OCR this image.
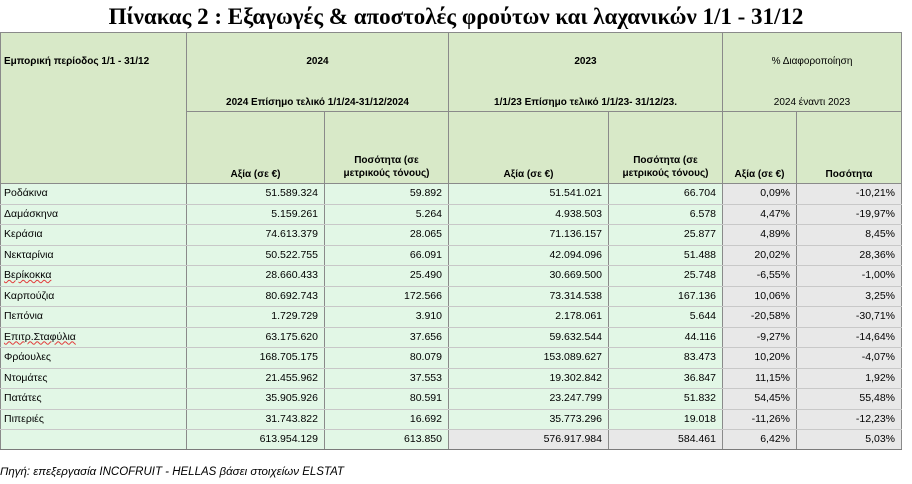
Πίνακας 2 : Εξαγωγές & αποστολές φρούτων και λαχανικών 1/1 - 31/12
Εμπορική περίοδος 1/1 - 31/12	2024		2023		% Διαφοροποίηση		
	2024 Επίσημο τελικό 1/1/24-31/12/2024		1/1/23 Επίσημο τελικό 1/1/23- 31/12/23.		2024 έναντι 2023		
	Αξία (σε €)	Ποσότητα (σε μετρικούς τόνους)	Αξία (σε €)	Ποσότητα (σε μετρικούς τόνους)	Αξία (σε €)	Ποσότητα	
Ροδάκινα	51.589.324	59.892	51.541.021	66.704	0,09%	-10,21%	
Δαμάσκηνα	5.159.261	5.264	4.938.503	6.578	4,47%	-19,97%	
Κεράσια	74.613.379	28.065	71.136.157	25.877	4,89%	8,45%	
Νεκταρίνια	50.522.755	66.091	42.094.096	51.488	20,02%	28,36%	
Βερίκοκκα	28.660.433	25.490	30.669.500	25.748	-6,55%	-1,00%	
Καρπούζια	80.692.743	172.566	73.314.538	167.136	10,06%	3,25%	
Πεπόνια	1.729.729	3.910	2.178.061	5.644	-20,58%	-30,71%	
Επιτρ.Σταφύλια	63.175.620	37.656	59.632.544	44.116	-9,27%	-14,64%	
Φράουλες	168.705.175	80.079	153.089.627	83.473	10,20%	-4,07%	
Ντομάτες	21.455.962	37.553	19.302.842	36.847	11,15%	1,92%	
Πατάτες	35.905.926	80.591	23.247.799	51.832	54,45%	55,48%	
Πιπεριές	31.743.822	16.692	35.773.296	19.018	-11,26%	-12,23%	
	613.954.129	613.850	576.917.984	584.461	6,42%	5,03%	
Πηγή: επεξεργασία INCOFRUIT - HELLAS βάσει στοιχείων ELSTAT
